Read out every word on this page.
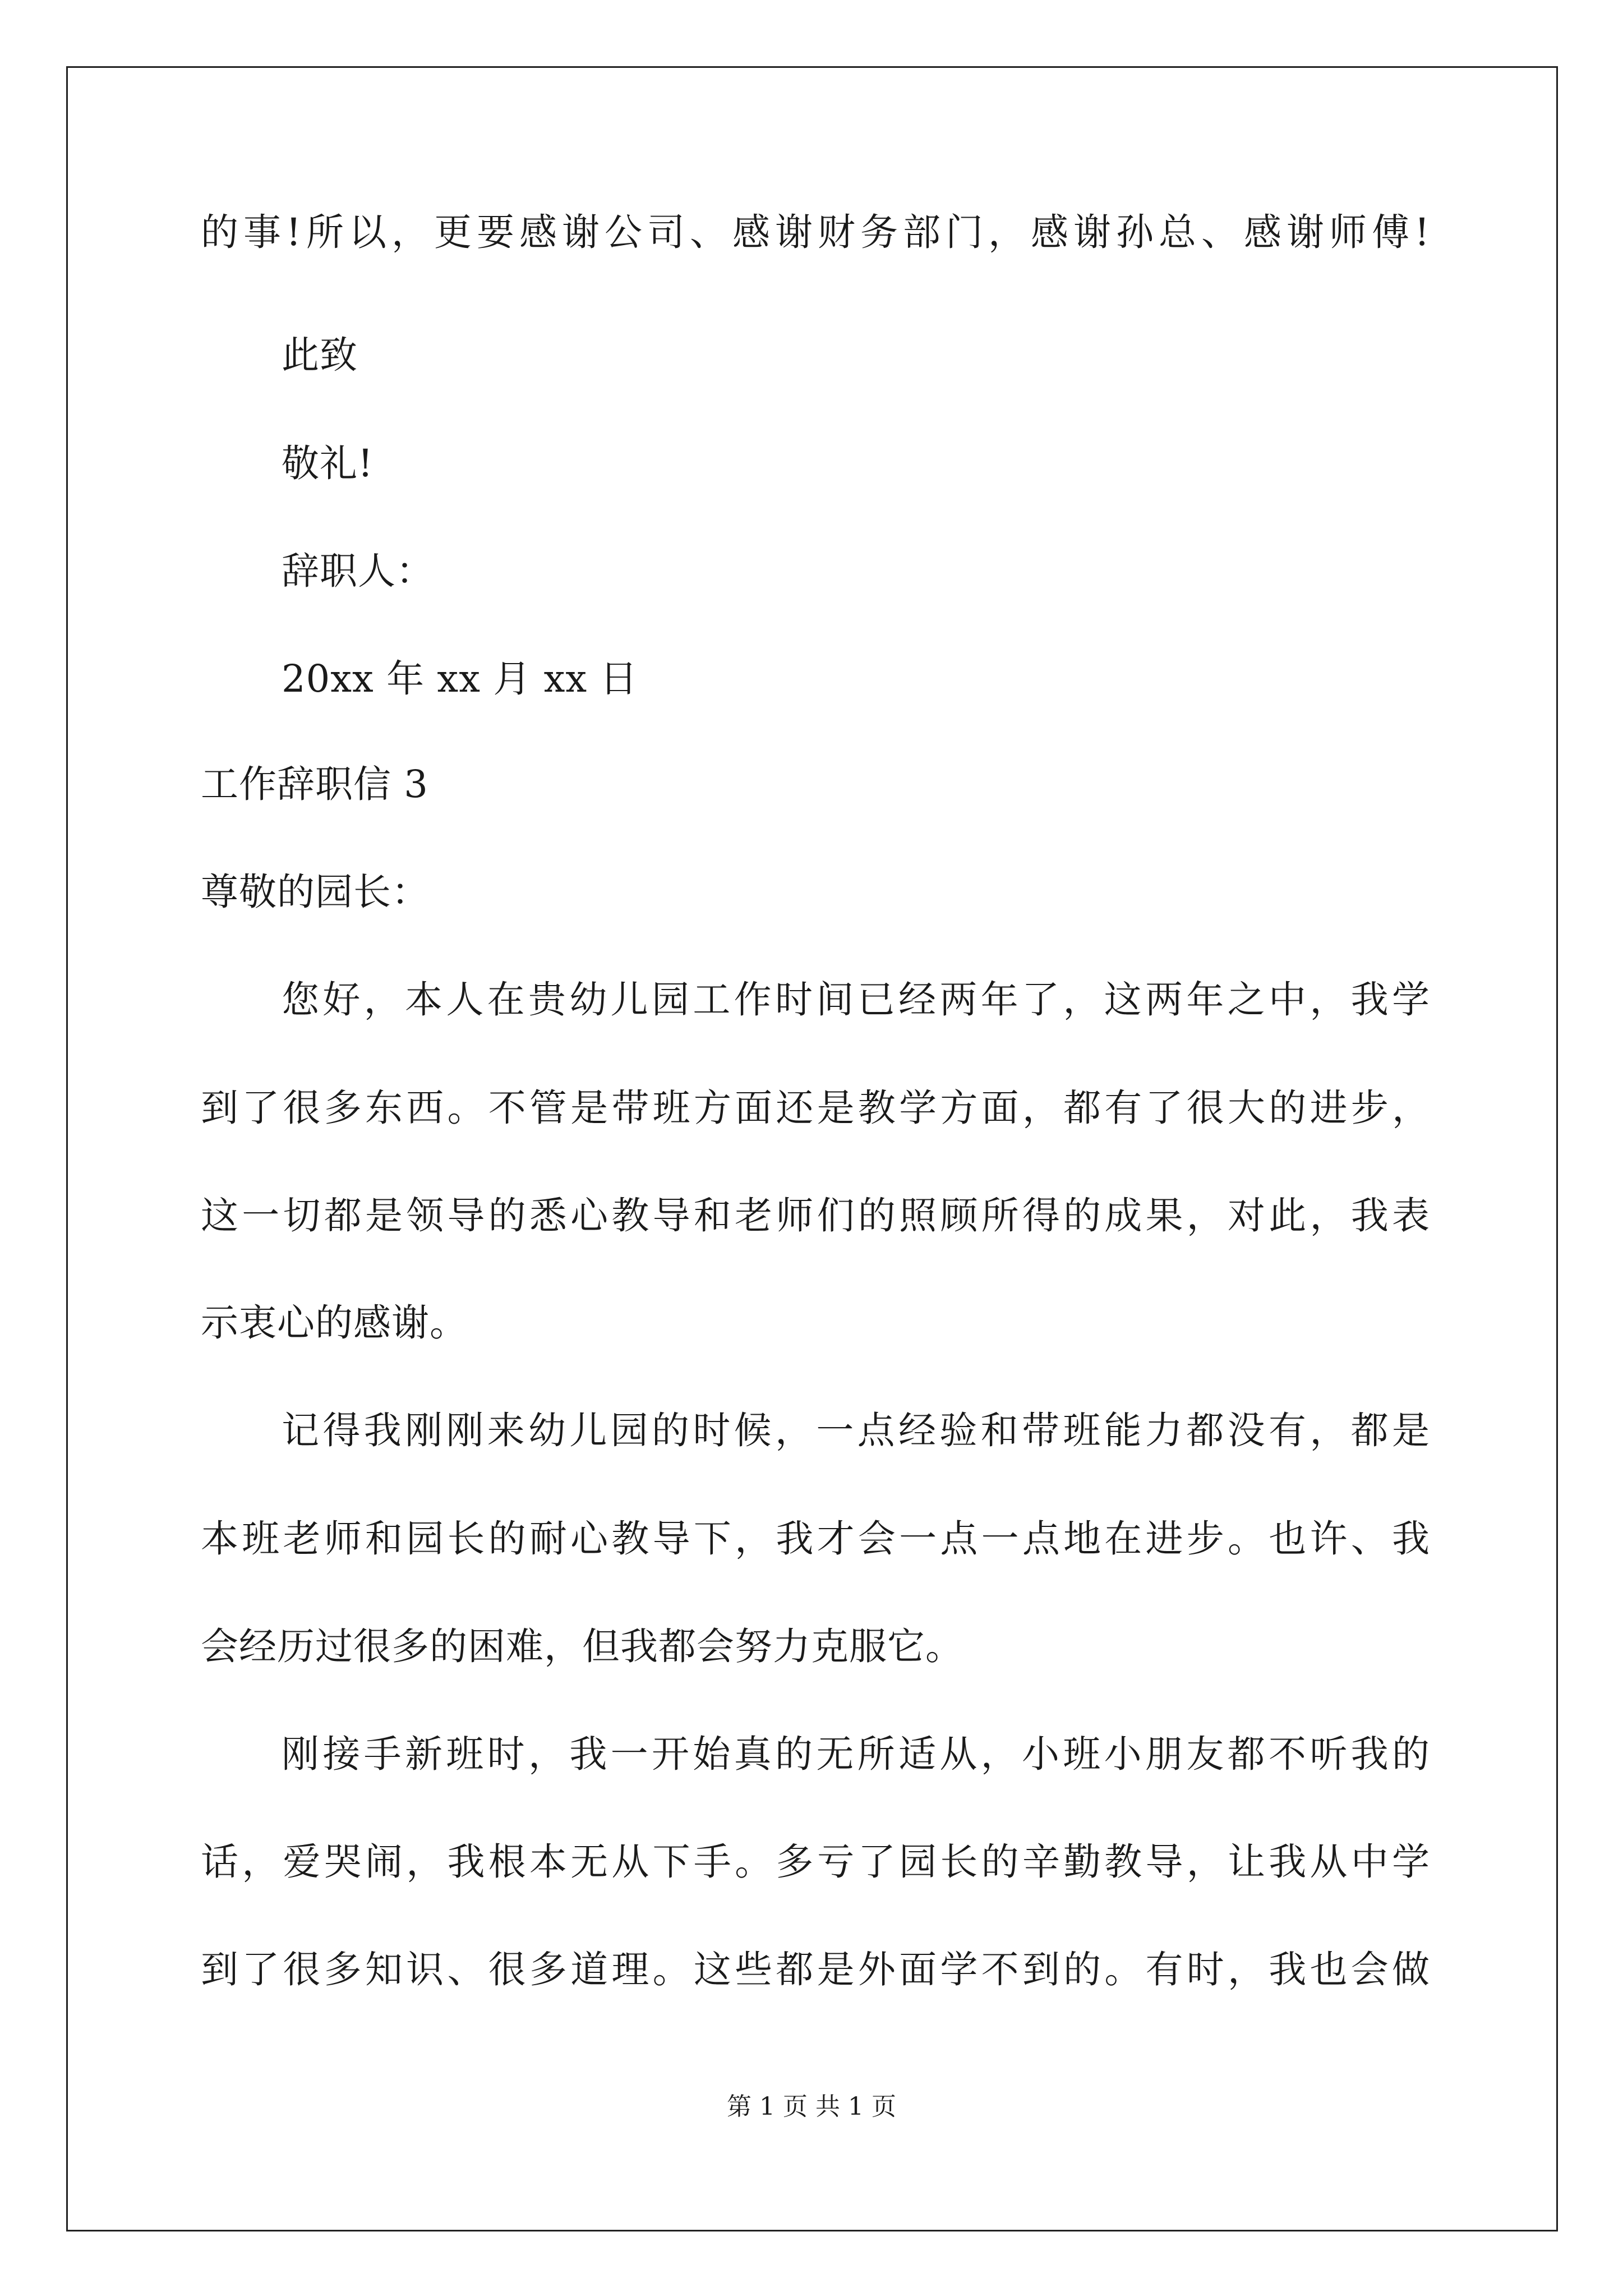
的事!所以，更要感谢公司、感谢财务部门，感谢孙总、感谢师傅!
此致
敬礼!
辞职人：
20xx 年 xx 月 xx 日
工作辞职信 3
尊敬的园长：
您好，本人在贵幼儿园工作时间已经两年了，这两年之中，我学
到了很多东西。不管是带班方面还是教学方面，都有了很大的进步，
这一切都是领导的悉心教导和老师们的照顾所得的成果，对此，我表
示衷心的感谢。
记得我刚刚来幼儿园的时候，一点经验和带班能力都没有，都是
本班老师和园长的耐心教导下，我才会一点一点地在进步。也许、我
会经历过很多的困难，但我都会努力克服它。
刚接手新班时，我一开始真的无所适从，小班小朋友都不听我的
话，爱哭闹，我根本无从下手。多亏了园长的辛勤教导，让我从中学
到了很多知识、很多道理。这些都是外面学不到的。有时，我也会做
第 1 页 共 1 页
